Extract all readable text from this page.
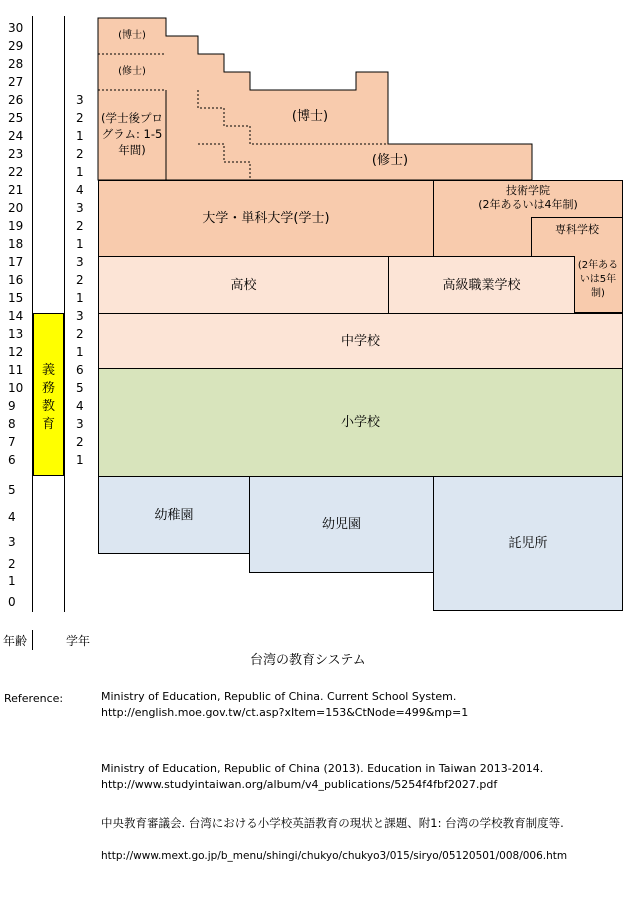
30
29
28
27
26
25
24
23
22
21
20
19
18
17
16
15
14
13
12
11
10
9
8
7
6
5
4
3
2
1
0
義
務
教
育
3
2
1
2
1
4
3
2
1
3
2
1
3
2
1
6
5
4
3
2
1
(博士)
(修士)
(学士後プログラム: 1-5年間)
(博士)
(修士)
大学・単科大学(学士)
技術学院
(2年あるいは4年制)
専科学校
高校	高級職業学校
(2年あるいは5年制)
中学校
小学校
幼稚園
幼児園
託児所
年齢	学年
台湾の教育システム
Reference:	Ministry of Education, Republic of China. Current School System.
http://english.moe.gov.tw/ct.asp?xItem=153&CtNode=499&mp=1
Ministry of Education, Republic of China (2013). Education in Taiwan 2013-2014.
http://www.studyintaiwan.org/album/v4_publications/5254f4fbf2027.pdf
中央教育審議会. 台湾における小学校英語教育の現状と課題、附1: 台湾の学校教育制度等.
http://www.mext.go.jp/b_menu/shingi/chukyo/chukyo3/015/siryo/05120501/008/006.htm
